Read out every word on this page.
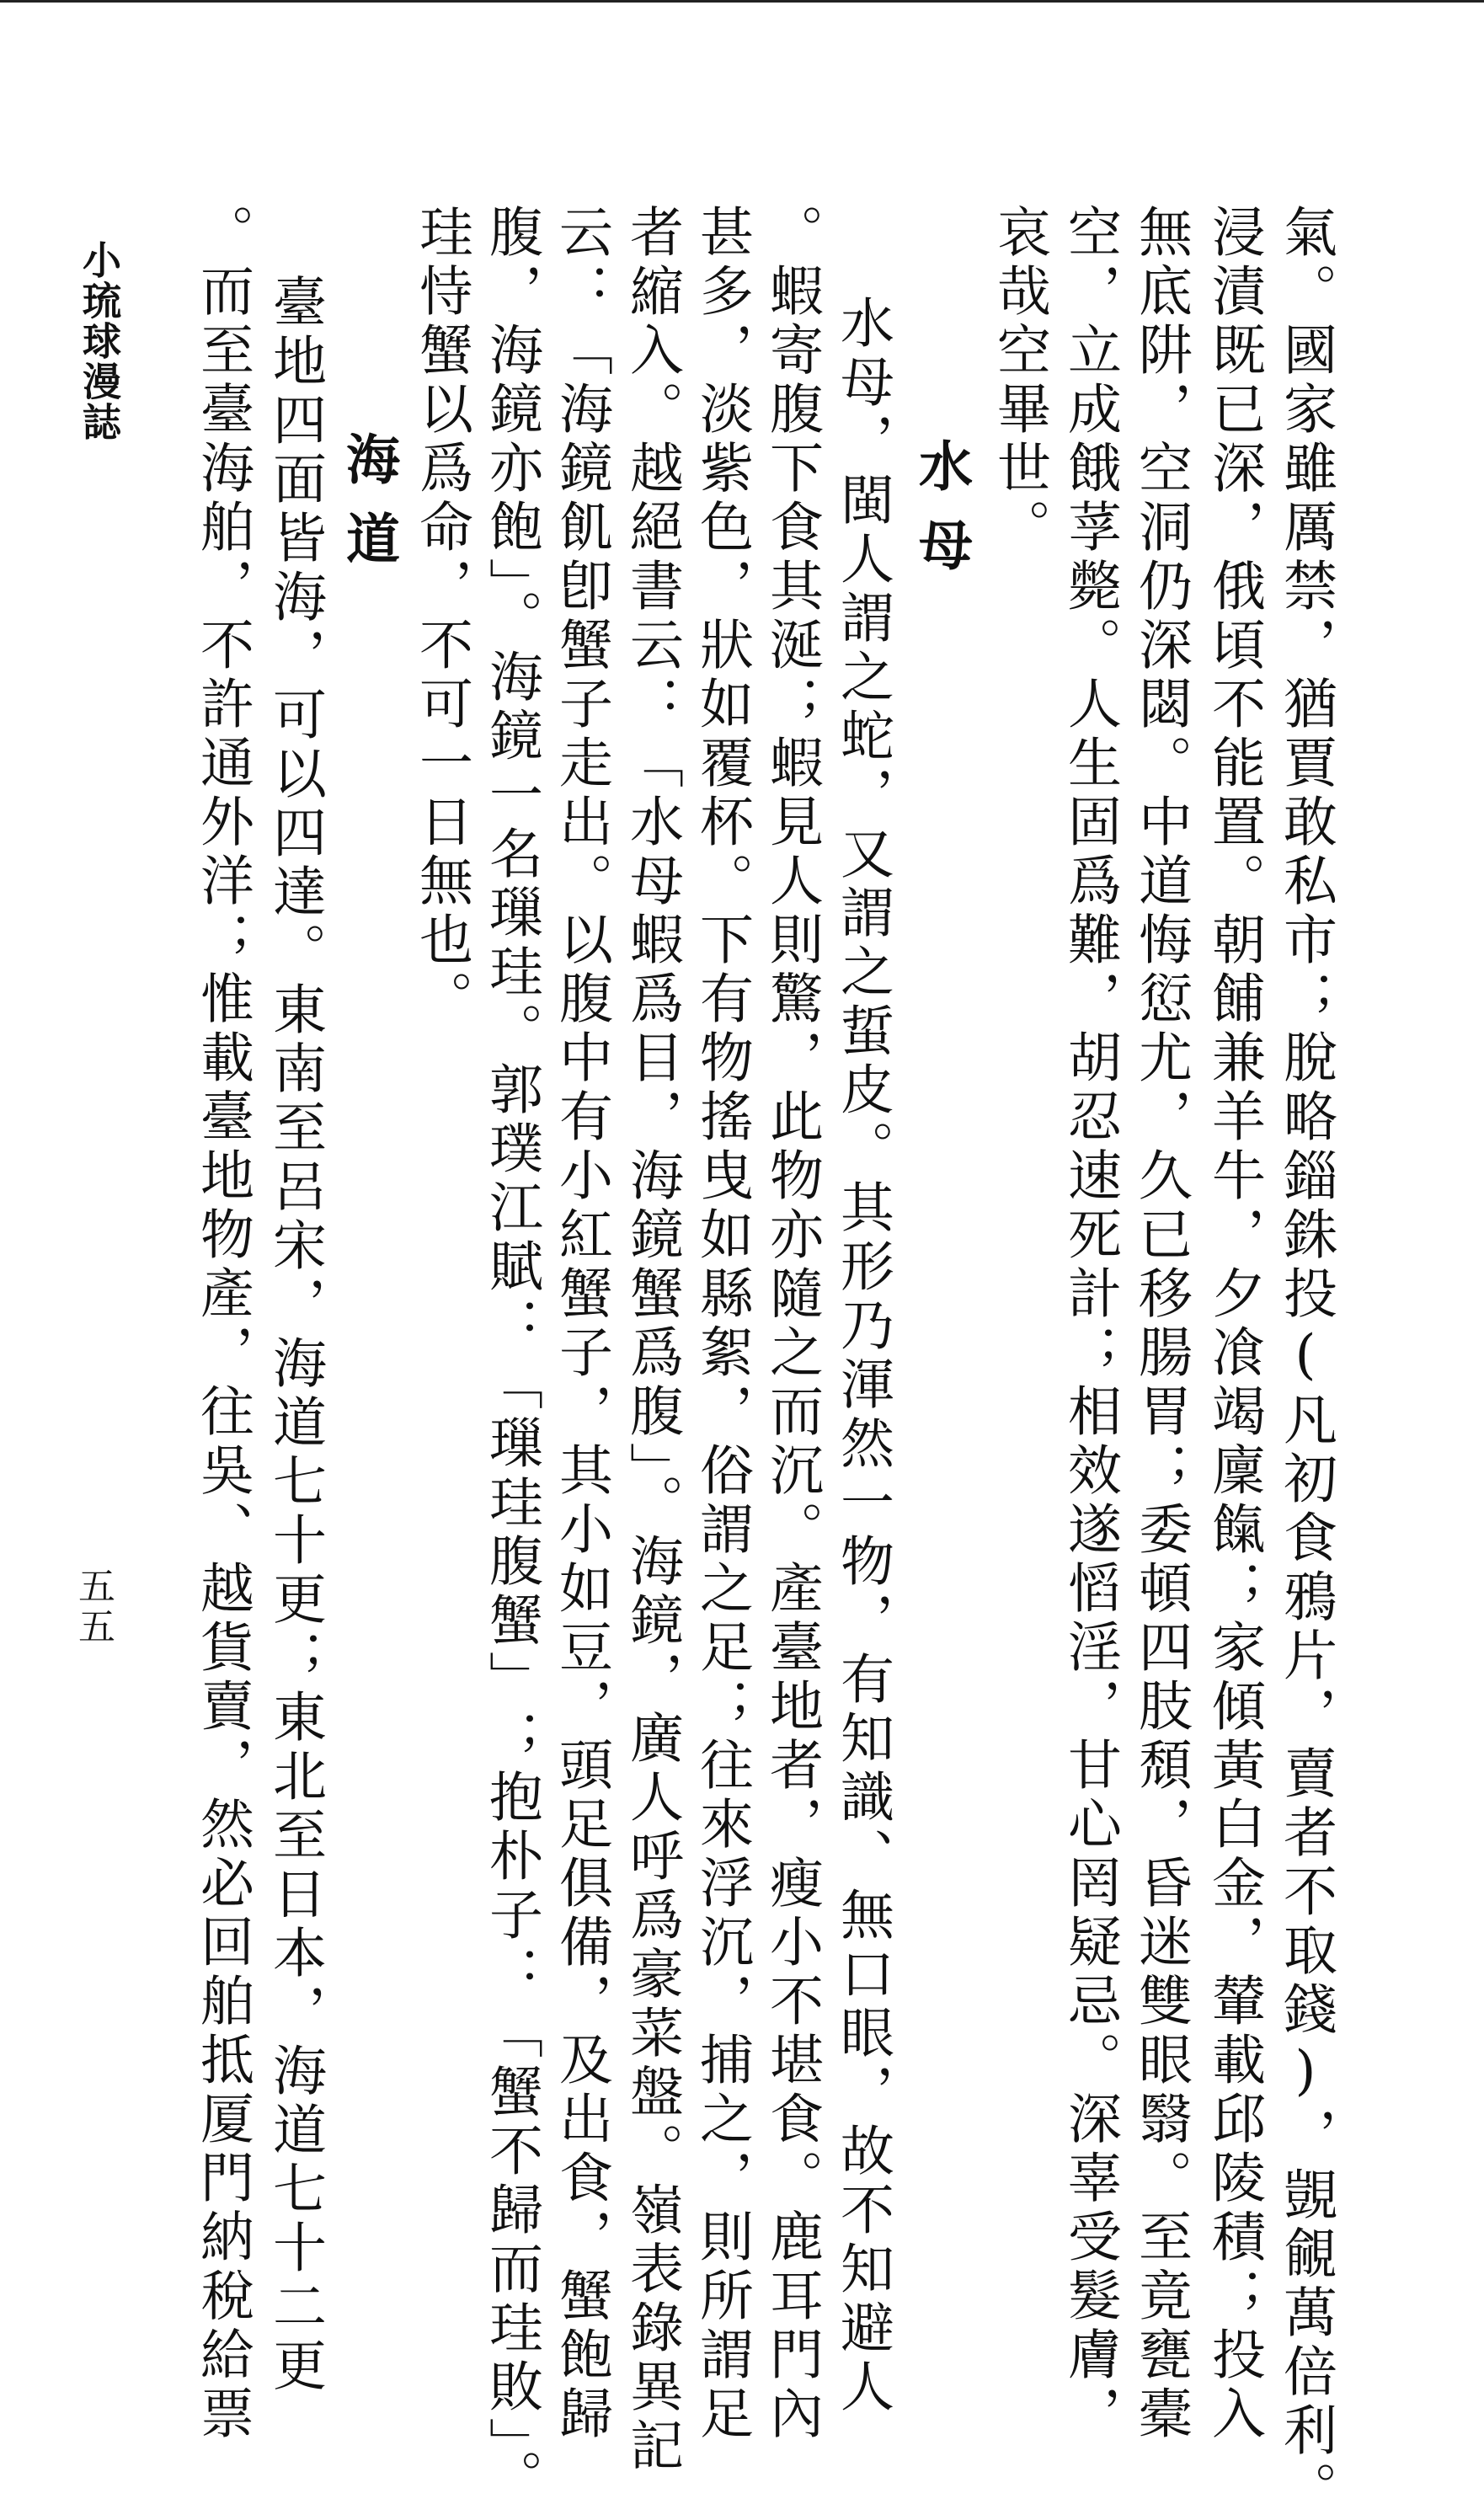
小琉球漫誌
五五	氣。國家雖厲禁，猶賈敢私市；脫略錙銖投(凡初食鴉片，賣者不取錢)，覬覦萬倍利。
浸漬既已深，俄頃不能置。朝餔兼羊牛，夕飡竭廩餼；家傾黃白金，輦載邱陵積；投入
無底阱，空洞仍深閟。中道悔愆尤，久已移腸胃；委頓四肢頹，昏迷雙眼翳。至竟甕橐
空，立成餓莩斃。人生固爲難，胡忍速死計；相效遂慆淫，甘心罔疑忌。深辜受髮膚，
哀哉空畢世。
水母
水母，閩人謂之蛇，又謂之蜇皮。其形乃渾然一物，有知識、無口眼，故不知避人
。蝦寄腹下食其涎；蝦見人則驚，此物亦隨之而沉。產臺地者，瘦小不堪食。鹿耳門內
甚多，淡紫色，狀如覆杯。下有物搖曳如縣絮，俗謂之足；往來浮沉，捕之，則所謂足
者縮入。越絕書云：「水母蝦爲目，海鏡蟹爲腹」。海鏡，廣人呼爲豪菜盤。嶺表錄異記
云：「海鏡飢卽蟹子走出。以腹中有小紅蟹子，其小如豆，頭足俱備，及出食，蟹飽歸
腹，海鏡亦飽」。海鏡一名璅珪。郭璞江賦：「璅珪腹蟹」；抱朴子：「蟹不歸而珪敗」。
珪恃蟹以爲命，不可一日無也。
海道
臺地四面皆海，可以四達。東南至呂宋，海道七十更；東北至日本，海道七十二更
。而至臺海舶，不許通外洋；惟載臺地物產，往吳、越貨賣，然必回舶抵厦門納稅給票
